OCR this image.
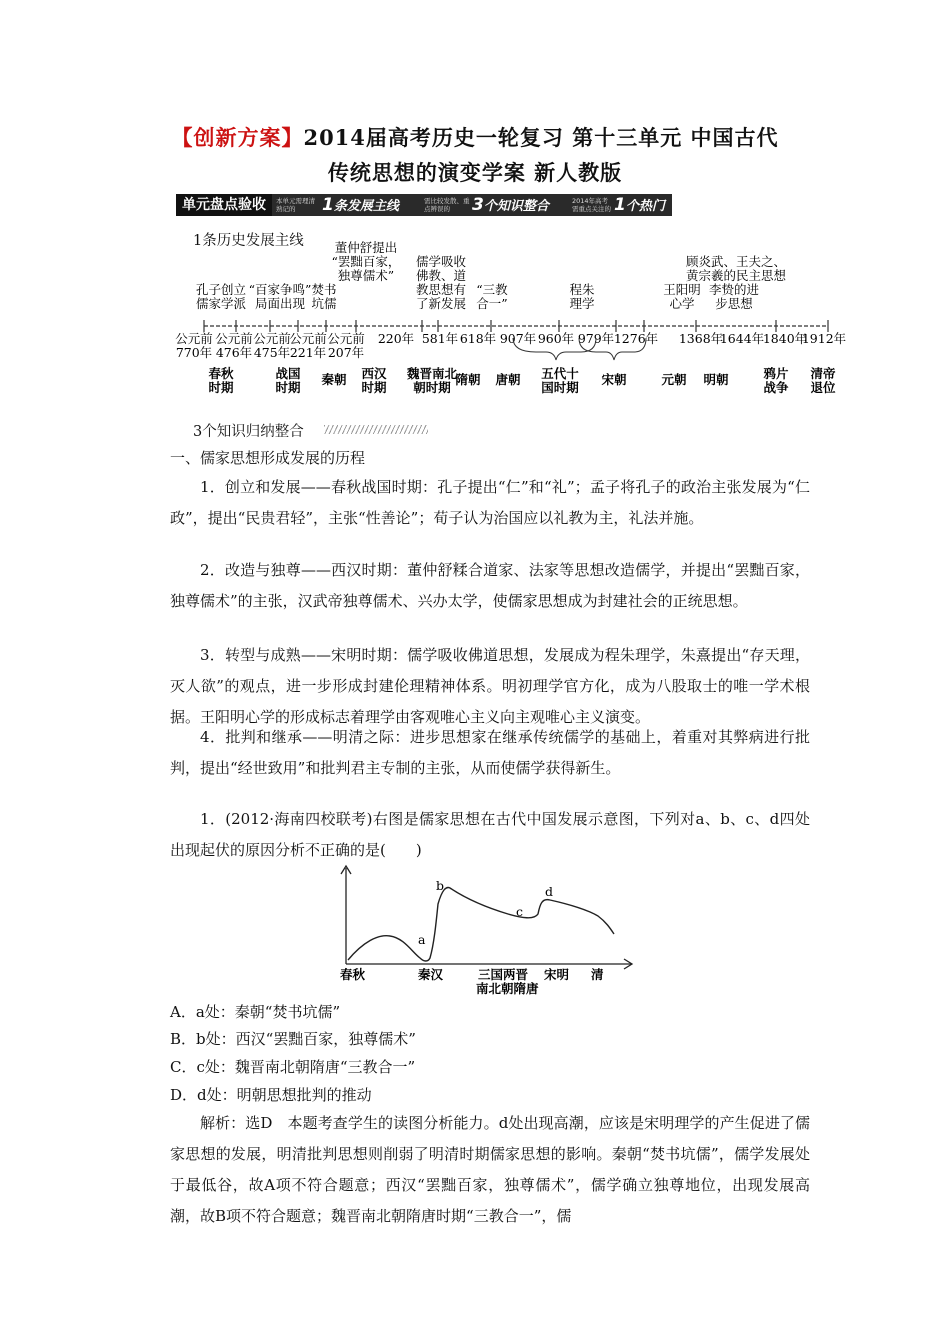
【创新方案】2014届高考历史一轮复习 第十三单元 中国古代
传统思想的演变学案 新人教版
单元盘点验收	本单元需理清熟记的	1条发展主线	需比较发散、重点辨误的	3个知识整合	2014年高考需重点关注的 1个热门考点
1条历史发展主线
孔子创立儒家学派
“百家争鸣”局面出现
焚书坑儒
董仲舒提出“罢黜百家，独尊儒术”
儒学吸收佛教、道教思想有了新发展
“三教合一”
程朱理学
王阳明心学
顾炎武、王夫之、黄宗羲的民主思想
李贽的进步思想
公元前 770年
公元前 476年
公元前 475年
公元前 221年
公元前 207年
220年 581年 618年 907年 960年 979年 1276年 1368年
1644年
1840年
1912年
春秋时期
战国时期
秦朝 西汉时期
魏晋南北朝时期
隋朝 唐朝 五代十国时期
宋朝	元朝 明朝	鸦片战争
清帝退位
3个知识归纳整合
一、儒家思想形成发展的历程
1．创立和发展——春秋战国时期：孔子提出“仁”和“礼”；孟子将孔子的政治主张发展为“仁政”，提出“民贵君轻”，主张“性善论”；荀子认为治国应以礼教为主，礼法并施。
2．改造与独尊——西汉时期：董仲舒糅合道家、法家等思想改造儒学，并提出“罢黜百家，独尊儒术”的主张，汉武帝独尊儒术、兴办太学，使儒家思想成为封建社会的正统思想。
3．转型与成熟——宋明时期：儒学吸收佛道思想，发展成为程朱理学，朱熹提出“存天理，灭人欲”的观点，进一步形成封建伦理精神体系。明初理学官方化，成为八股取士的唯一学术根据。王阳明心学的形成标志着理学由客观唯心主义向主观唯心主义演变。
4．批判和继承——明清之际：进步思想家在继承传统儒学的基础上，着重对其弊病进行批判，提出“经世致用”和批判君主专制的主张，从而使儒学获得新生。
1．(2012·海南四校联考)右图是儒家思想在古代中国发展示意图，下列对a、b、c、d四处出现起伏的原因分析不正确的是(　　)
a
b
c
d
春秋	秦汉	三国两晋
南北朝隋唐
宋明 清
A．a处：秦朝“焚书坑儒”
B．b处：西汉“罢黜百家，独尊儒术”
C．c处：魏晋南北朝隋唐“三教合一”
D．d处：明朝思想批判的推动
解析：选D　本题考查学生的读图分析能力。d处出现高潮，应该是宋明理学的产生促进了儒家思想的发展，明清批判思想则削弱了明清时期儒家思想的影响。秦朝“焚书坑儒”，儒学发展处于最低谷，故A项不符合题意；西汉“罢黜百家，独尊儒术”，儒学确立独尊地位，出现发展高潮，故B项不符合题意；魏晋南北朝隋唐时期“三教合一”，儒
